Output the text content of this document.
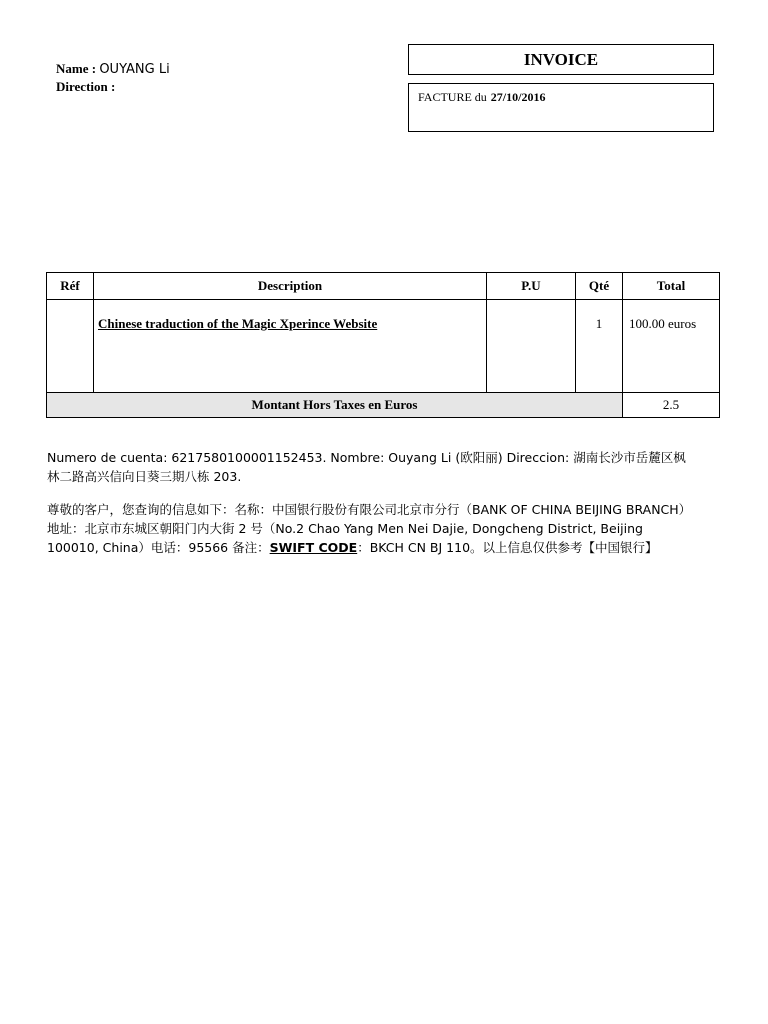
Name : OUYANG Li
Direction :
INVOICE
FACTURE du 27/10/2016
Réf	Description	P.U	Qté	Total
	Chinese traduction of the Magic Xperince Website		1	100.00 euros
Montant Hors Taxes en Euros				2.5
Numero de cuenta: 6217580100001152453. Nombre: Ouyang Li (欧阳丽) Direccion: 湖南长沙市岳麓区枫林二路高兴信向日葵三期八栋 203.
尊敬的客户，您查询的信息如下：名称：中国银行股份有限公司北京市分行（BANK OF CHINA BEIJING BRANCH）地址：北京市东城区朝阳门内大街 2 号（No.2 Chao Yang Men Nei Dajie, Dongcheng District, Beijing 100010, China）电话：95566 备注：SWIFT CODE：BKCH CN BJ 110。以上信息仅供参考【中国银行】
